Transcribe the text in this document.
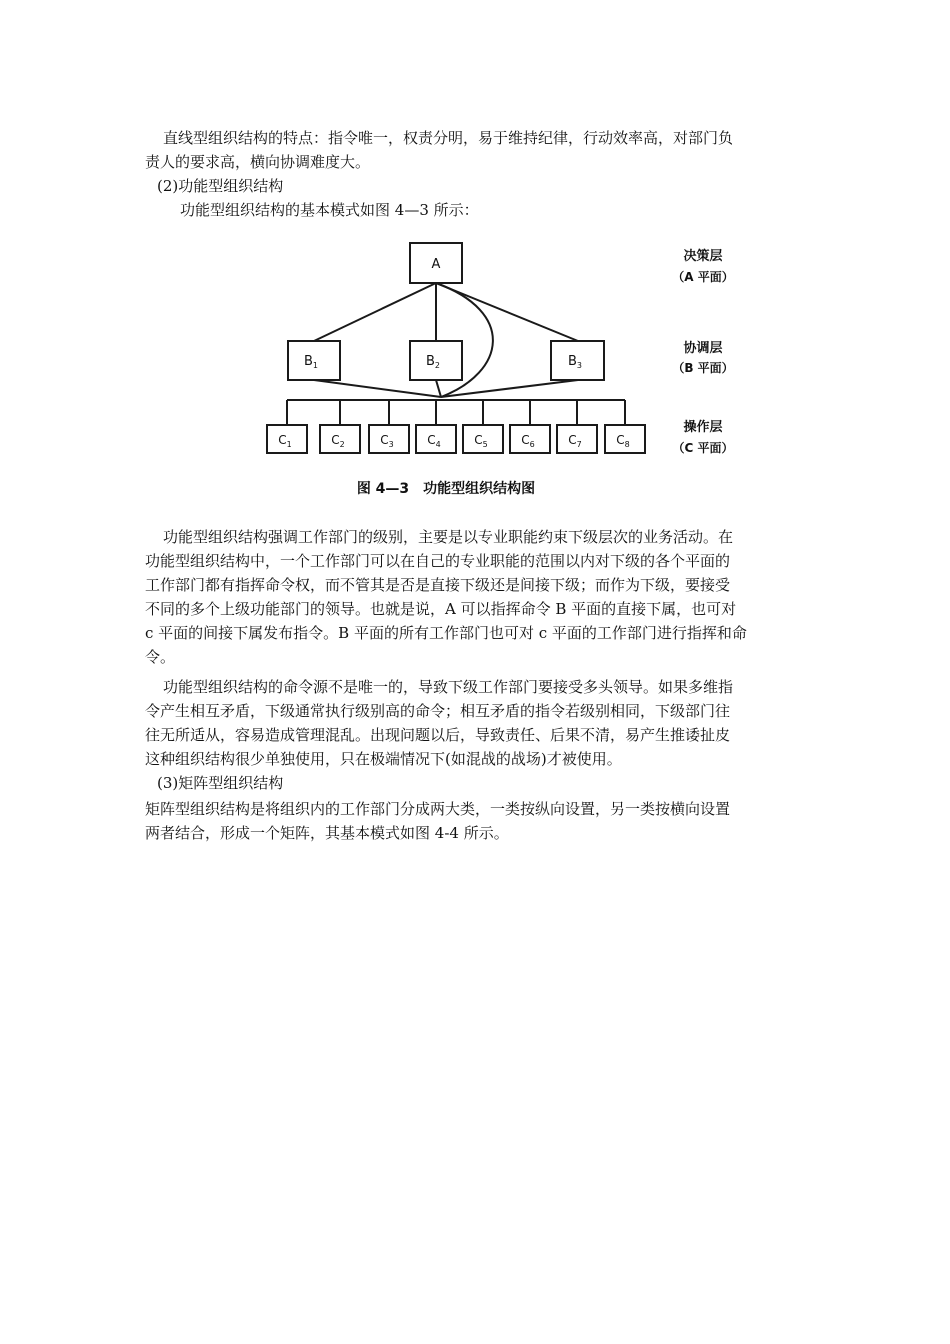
直线型组织结构的特点：指令唯一，权责分明，易于维持纪律，行动效率高，对部门负
责人的要求高，横向协调难度大。
(2)功能型组织结构
功能型组织结构的基本模式如图 4—3 所示：
A
$B_1$	$B_2$	$B_3$
$C_1$	$C_2$	$C_3$	$C_4$	$C_5$	$C_6$	$C_7$	$C_8$
决策层
（A 平面）
协调层
（B 平面）
操作层
（C 平面）
图 4—3　功能型组织结构图
功能型组织结构强调工作部门的级别，主要是以专业职能约束下级层次的业务活动。在
功能型组织结构中，一个工作部门可以在自己的专业职能的范围以内对下级的各个平面的
工作部门都有指挥命令权，而不管其是否是直接下级还是间接下级；而作为下级，要接受
不同的多个上级功能部门的领导。也就是说，A 可以指挥命令 B 平面的直接下属，也可对
c 平面的间接下属发布指令。B 平面的所有工作部门也可对 c 平面的工作部门进行指挥和命
令。
功能型组织结构的命令源不是唯一的，导致下级工作部门要接受多头领导。如果多维指
令产生相互矛盾，下级通常执行级别高的命令；相互矛盾的指令若级别相同，下级部门往
往无所适从，容易造成管理混乱。出现问题以后，导致责任、后果不清，易产生推诿扯皮
这种组织结构很少单独使用，只在极端情况下(如混战的战场)才被使用。
(3)矩阵型组织结构
矩阵型组织结构是将组织内的工作部门分成两大类，一类按纵向设置，另一类按横向设置
两者结合，形成一个矩阵，其基本模式如图 4-4 所示。
